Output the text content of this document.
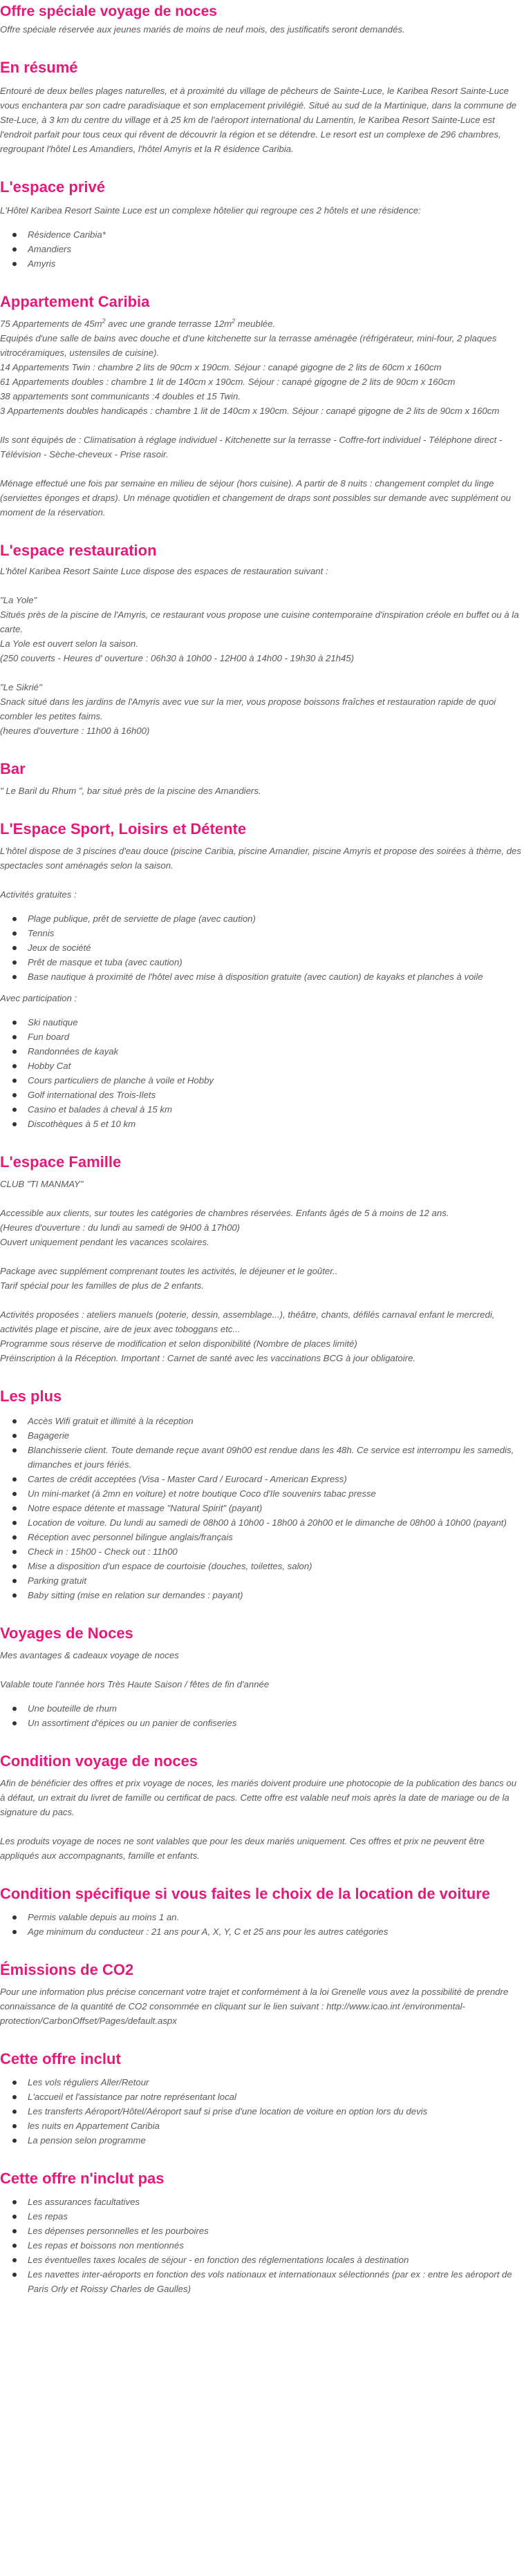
Offre spéciale voyage de noces

Offre spéciale réservée aux jeunes mariés de moins de neuf mois, des justificatifs seront demandés.

En résumé

Entouré de deux belles plages naturelles, et à proximité du village de pêcheurs de Sainte-Luce, le Karibea Resort Sainte-Luce vous enchantera par son cadre paradisiaque et son emplacement privilégié. Situé au sud de la Martinique, dans la commune de Ste-Luce, à 3 km du centre du village et à 25 km de l'aéroport international du Lamentin, le Karibea Resort Sainte-Luce est l'endroit parfait pour tous ceux qui rêvent de découvrir la région et se détendre. Le resort est un complexe de 296 chambres, regroupant l'hôtel Les Amandiers, l'hôtel Amyris et la R ésidence Caribia.

L'espace privé

L'Hôtel Karibea Resort Sainte Luce est un complexe hôtelier qui regroupe ces 2 hôtels et une résidence:

Résidence Caribia*
Amandiers
Amyris
Appartement Caribia

75 Appartements de $45m^2$ avec une grande terrasse $12m^2$ meublée.

Equipés d'une salle de bains avec douche et d'une kitchenette sur la terrasse aménagée (réfrigérateur, mini-four, 2 plaques vitrocéramiques, ustensiles de cuisine).

14 Appartements Twin : chambre 2 lits de 90cm x 190cm. Séjour : canapé gigogne de 2 lits de 60cm x 160cm

61 Appartements doubles : chambre 1 lit de 140cm x 190cm. Séjour : canapé gigogne de 2 lits de 90cm x 160cm

38 appartements sont communicants :4 doubles et 15 Twin.

3 Appartements doubles handicapés : chambre 1 lit de 140cm x 190cm. Séjour : canapé gigogne de 2 lits de 90cm x 160cm

Ils sont équipés de : Climatisation à réglage individuel - Kitchenette sur la terrasse - Coffre-fort individuel - Téléphone direct - Télévision - Sèche-cheveux - Prise rasoir.

Ménage effectué une fois par semaine en milieu de séjour (hors cuisine). A partir de 8 nuits : changement complet du linge (serviettes éponges et draps). Un ménage quotidien et changement de draps sont possibles sur demande avec supplément ou moment de la réservation.

L'espace restauration

L'hôtel Karibea Resort Sainte Luce dispose des espaces de restauration suivant :

"La Yole"

Situés près de la piscine de l'Amyris, ce restaurant vous propose une cuisine contemporaine d'inspiration créole en buffet ou à la carte.

La Yole est ouvert selon la saison.

(250 couverts - Heures d' ouverture : 06h30 à 10h00 - 12H00 à 14h00 - 19h30 à 21h45)

"Le Sikrié"

Snack situé dans les jardins de l'Amyris avec vue sur la mer, vous propose boissons fraîches et restauration rapide de quoi combler les petites faims.

(heures d'ouverture : 11h00 à 16h00)

Bar

" Le Baril du Rhum ", bar situé près de la piscine des Amandiers.

L'Espace Sport, Loisirs et Détente

L'hôtel dispose de 3 piscines d'eau douce (piscine Caribia, piscine Amandier, piscine Amyris et propose des soirées à thème, des spectacles sont aménagés selon la saison.

Activités gratuites :

Plage publique, prêt de serviette de plage (avec caution)
Tennis
Jeux de société
Prêt de masque et tuba (avec caution)
Base nautique à proximité de l'hôtel avec mise à disposition gratuite (avec caution) de kayaks et planches à voile

Avec participation :

Ski nautique
Fun board
Randonnées de kayak
Hobby Cat
Cours particuliers de planche à voile et Hobby
Golf international des Trois-Ilets
Casino et balades à cheval à 15 km
Discothèques à 5 et 10 km
L'espace Famille

CLUB "TI MANMAY"

Accessible aux clients, sur toutes les catégories de chambres réservées. Enfants âgés de 5 à moins de 12 ans.

(Heures d'ouverture : du lundi au samedi de 9H00 à 17h00)

Ouvert uniquement pendant les vacances scolaires.

Package avec supplément comprenant toutes les activités, le déjeuner et le goûter..

Tarif spécial pour les familles de plus de 2 enfants.

Activités proposées : ateliers manuels (poterie, dessin, assemblage...), théâtre, chants, défilés carnaval enfant le mercredi, activités plage et piscine, aire de jeux avec toboggans etc...

Programme sous réserve de modification et selon disponibilité (Nombre de places limité)

Préinscription à la Réception. Important : Carnet de santé avec les vaccinations BCG à jour obligatoire.

Les plus
Accès Wifi gratuit et illimité à la réception
Bagagerie
Blanchisserie client. Toute demande reçue avant 09h00 est rendue dans les 48h. Ce service est interrompu les samedis, dimanches et jours fériés.
Cartes de crédit acceptées (Visa - Master Card / Eurocard - American Express)
Un mini-market (à 2mn en voiture) et notre boutique Coco d'Ile souvenirs tabac presse
Notre espace détente et massage "Natural Spirit" (payant)
Location de voiture. Du lundi au samedi de 08h00 à 10h00 - 18h00 à 20h00 et le dimanche de 08h00 à 10h00 (payant)
Réception avec personnel bilingue anglais/français
Check in : 15h00 - Check out : 11h00
Mise a disposition d'un espace de courtoisie (douches, toilettes, salon)
Parking gratuit
Baby sitting (mise en relation sur demandes : payant)
Voyages de Noces

Mes avantages & cadeaux voyage de noces

Valable toute l'année hors Très Haute Saison / fêtes de fin d'année

Une bouteille de rhum
Un assortiment d'épices ou un panier de confiseries
Condition voyage de noces

Afin de bénéficier des offres et prix voyage de noces, les mariés doivent produire une photocopie de la publication des bancs ou à défaut, un extrait du livret de famille ou certificat de pacs. Cette offre est valable neuf mois après la date de mariage ou de la signature du pacs.

Les produits voyage de noces ne sont valables que pour les deux mariés uniquement. Ces offres et prix ne peuvent être appliqués aux accompagnants, famille et enfants.

Condition spécifique si vous faites le choix de la location de voiture
Permis valable depuis au moins 1 an.
Age minimum du conducteur : 21 ans pour A, X, Y, C et 25 ans pour les autres catégories
Émissions de CO2

Pour une information plus précise concernant votre trajet et conformément à la loi Grenelle vous avez la possibilité de prendre connaissance de la quantité de CO2 consommée en cliquant sur le lien suivant : http://www.icao.int /environmental-protection/CarbonOffset/Pages/default.aspx

Cette offre inclut
Les vols réguliers Aller/Retour
L'accueil et l'assistance par notre représentant local
Les transferts Aéroport/Hôtel/Aéroport sauf si prise d'une location de voiture en option lors du devis
les nuits en Appartement Caribia
La pension selon programme
Cette offre n'inclut pas
Les assurances facultatives
Les repas
Les dépenses personnelles et les pourboires
Les repas et boissons non mentionnés
Les éventuelles taxes locales de séjour - en fonction des réglementations locales à destination
Les navettes inter-aéroports en fonction des vols nationaux et internationaux sélectionnés (par ex : entre les aéroport de Paris Orly et Roissy Charles de Gaulles)
